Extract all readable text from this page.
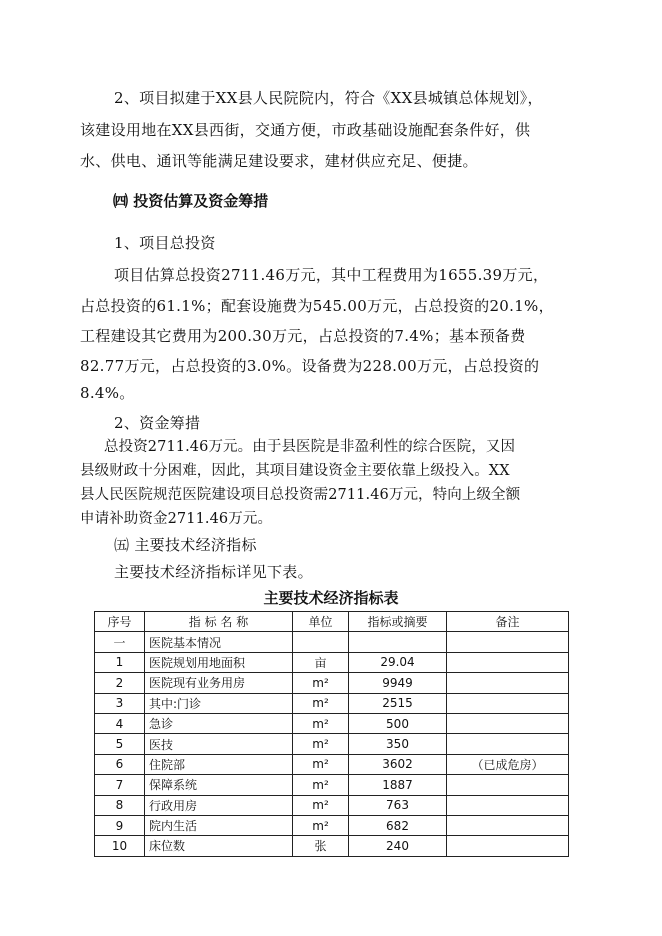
2、项目拟建于XX县人民院院内，符合《XX县城镇总体规划》，
该建设用地在XX县西街，交通方便，市政基础设施配套条件好，供
水、供电、通讯等能满足建设要求，建材供应充足、便捷。
㈣ 投资估算及资金筹措
1、项目总投资
项目估算总投资2711.46万元，其中工程费用为1655.39万元，
占总投资的61.1%；配套设施费为545.00万元，占总投资的20.1%，
工程建设其它费用为200.30万元，占总投资的7.4%；基本预备费
82.77万元，占总投资的3.0%。设备费为228.00万元，占总投资的
8.4%。
2、资金筹措
总投资2711.46万元。由于县医院是非盈利性的综合医院，又因
县级财政十分困难，因此，其项目建设资金主要依靠上级投入。XX
县人民医院规范医院建设项目总投资需2711.46万元，特向上级全额
申请补助资金2711.46万元。
㈤ 主要技术经济指标
主要技术经济指标详见下表。
主要技术经济指标表
序号	指 标 名 称	单位	指标或摘要	备注
一	医院基本情况			
1	医院规划用地面积	亩	29.04	
2	医院现有业务用房	m²	9949	
3	其中:门诊	m²	2515	
4	急诊	m²	500	
5	医技	m²	350	
6	住院部	m²	3602	（已成危房）
7	保障系统	m²	1887	
8	行政用房	m²	763	
9	院内生活	m²	682	
10	床位数	张	240	
